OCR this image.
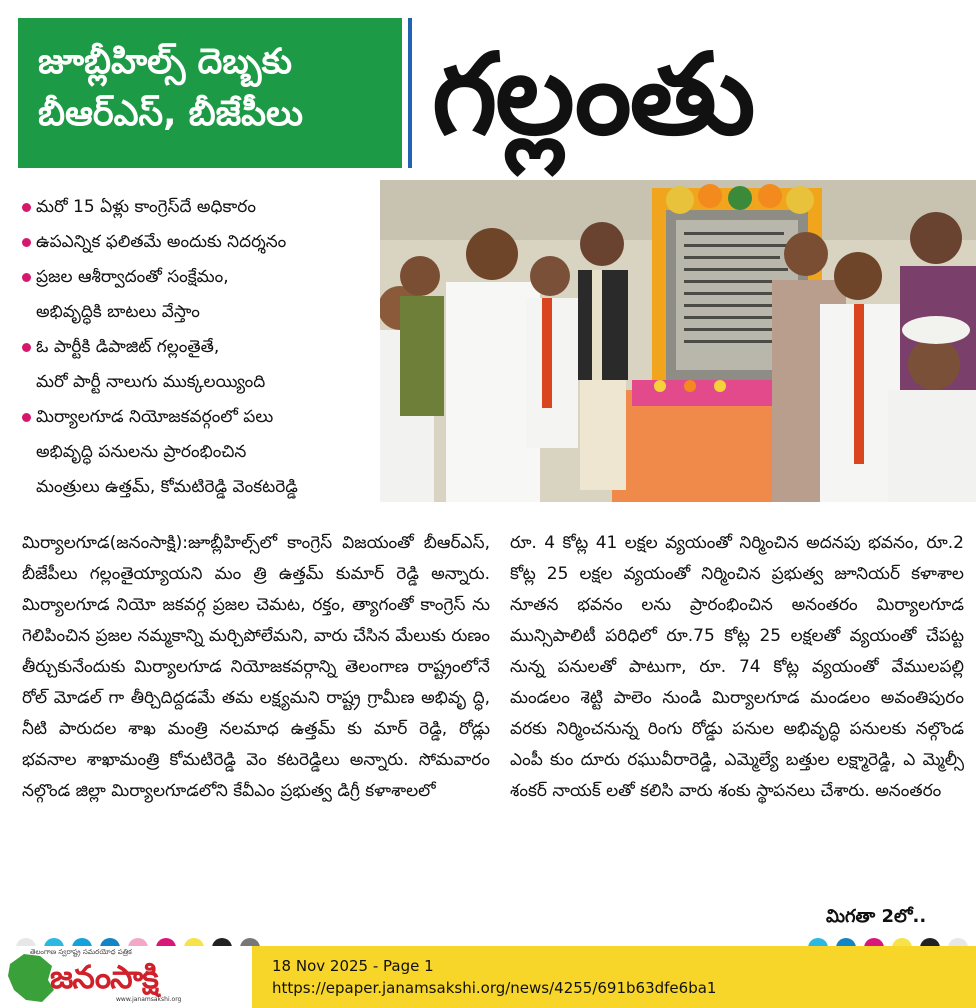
జూబ్లీహిల్స్ దెబ్బకు
బీఆర్ఎస్, బీజేపీలు	గల్లంతు
మరో 15 ఏళ్లు కాంగ్రెస్‌దే అధికారం
ఉపఎన్నిక ఫలితమే అందుకు నిదర్శనం
ప్రజల ఆశీర్వాదంతో సంక్షేమం,
అభివృద్ధికి బాటలు వేస్తాం
ఓ పార్టీకి డిపాజిట్ గల్లంతైతే,
మరో పార్టీ నాలుగు ముక్కలయ్యింది
మిర్యాలగూడ నియోజకవర్గంలో పలు
అభివృద్ధి పనులను ప్రారంభించిన
మంత్రులు ఉత్తమ్, కోమటిరెడ్డి వెంకటరెడ్డి

మిర్యాలగూడ(జనంసాక్షి):జూబ్లీహిల్స్‌లో కాంగ్రెస్ విజయంతో బీఆర్ఎస్, బీజేపీలు గల్లంతైయ్యాయని మం త్రి ఉత్తమ్ కుమార్ రెడ్డి అన్నారు. మిర్యాలగూడ నియో జకవర్గ ప్రజల చెమట, రక్తం, త్యాగంతో కాంగ్రెస్ ను గెలిపించిన ప్రజల నమ్మకాన్ని మర్చిపోలేమని, వారు చేసిన మేలుకు రుణం తీర్చుకునేందుకు మిర్యాలగూడ నియోజకవర్గాన్ని తెలంగాణ రాష్ట్రంలోనే రోల్ మోడల్ గా తీర్చిదిద్దడమే తమ లక్ష్యమని రాష్ట్ర గ్రామీణ అభివృ ద్ధి, నీటి పారుదల శాఖ మంత్రి నలమాధ ఉత్తమ్ కు మార్ రెడ్డి, రోడ్లు భవనాల శాఖామంత్రి కోమటిరెడ్డి వెం కటరెడ్డిలు అన్నారు. సోమవారం నల్గొండ జిల్లా మిర్యాలగూడలోని కేవీఎం ప్రభుత్వ డిగ్రీ కళాశాలలో

రూ. 4 కోట్ల 41 లక్షల వ్యయంతో నిర్మించిన అదనపు భవనం, రూ.2 కోట్ల 25 లక్షల వ్యయంతో నిర్మించిన ప్రభుత్వ జూనియర్ కళాశాల నూతన భవనం లను ప్రారంభించిన అనంతరం మిర్యాలగూడ మున్సిపాలిటీ పరిధిలో రూ.75 కోట్ల 25 లక్షలతో వ్యయంతో చేపట్ట నున్న పనులతో పాటుగా, రూ. 74 కోట్ల వ్యయంతో వేములపల్లి మండలం శెట్టి పాలెం నుండి మిర్యాలగూడ మండలం అవంతిపురం వరకు నిర్మించనున్న రింగు రోడ్డు పనుల అభివృద్ధి పనులకు నల్గొండ ఎంపీ కుం దూరు రఘువీరారెడ్డి, ఎమ్మెల్యే బత్తుల లక్ష్మారెడ్డి, ఎ మ్మెల్సీ శంకర్ నాయక్ లతో కలిసి వారు శంకు స్థాపనలు చేశారు. అనంతరం

మిగతా 2లో..
తెలంగాణ స్వరాష్ట్ర సమరయోధ పత్రిక
జనంసాక్షి
www.janamsakshi.org
18 Nov 2025 - Page 1
https://epaper.janamsakshi.org/news/4255/691b63dfe6ba1
